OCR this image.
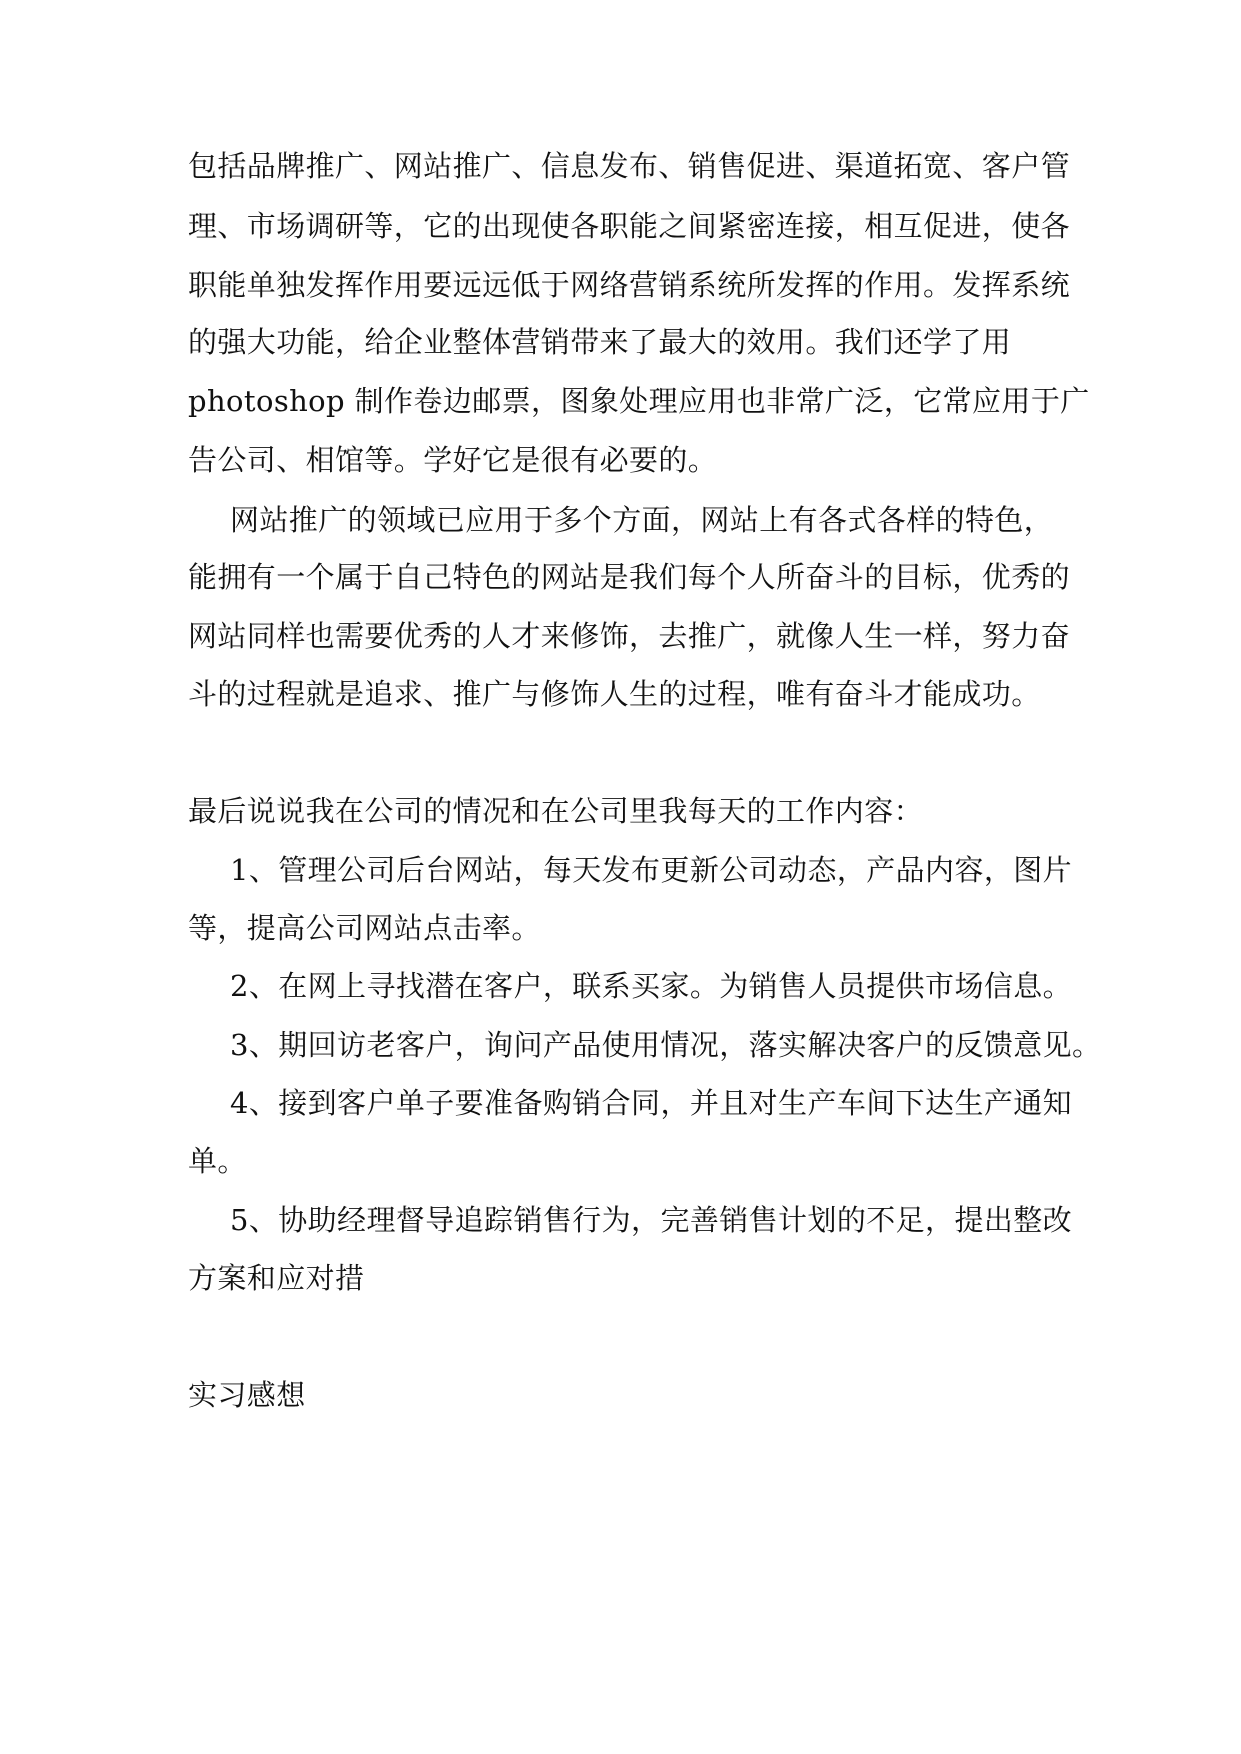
包括品牌推广、网站推广、信息发布、销售促进、渠道拓宽、客户管
理、市场调研等，它的出现使各职能之间紧密连接，相互促进，使各
职能单独发挥作用要远远低于网络营销系统所发挥的作用。发挥系统
的强大功能，给企业整体营销带来了最大的效用。我们还学了用
photoshop 制作卷边邮票，图象处理应用也非常广泛，它常应用于广
告公司、相馆等。学好它是很有必要的。
网站推广的领域已应用于多个方面，网站上有各式各样的特色，
能拥有一个属于自己特色的网站是我们每个人所奋斗的目标，优秀的
网站同样也需要优秀的人才来修饰，去推广，就像人生一样，努力奋
斗的过程就是追求、推广与修饰人生的过程，唯有奋斗才能成功。
最后说说我在公司的情况和在公司里我每天的工作内容：
1、管理公司后台网站，每天发布更新公司动态，产品内容，图片
等，提高公司网站点击率。
2、在网上寻找潜在客户，联系买家。为销售人员提供市场信息。
3、期回访老客户，询问产品使用情况，落实解决客户的反馈意见。
4、接到客户单子要准备购销合同，并且对生产车间下达生产通知
单。
5、协助经理督导追踪销售行为，完善销售计划的不足，提出整改
方案和应对措
实习感想
